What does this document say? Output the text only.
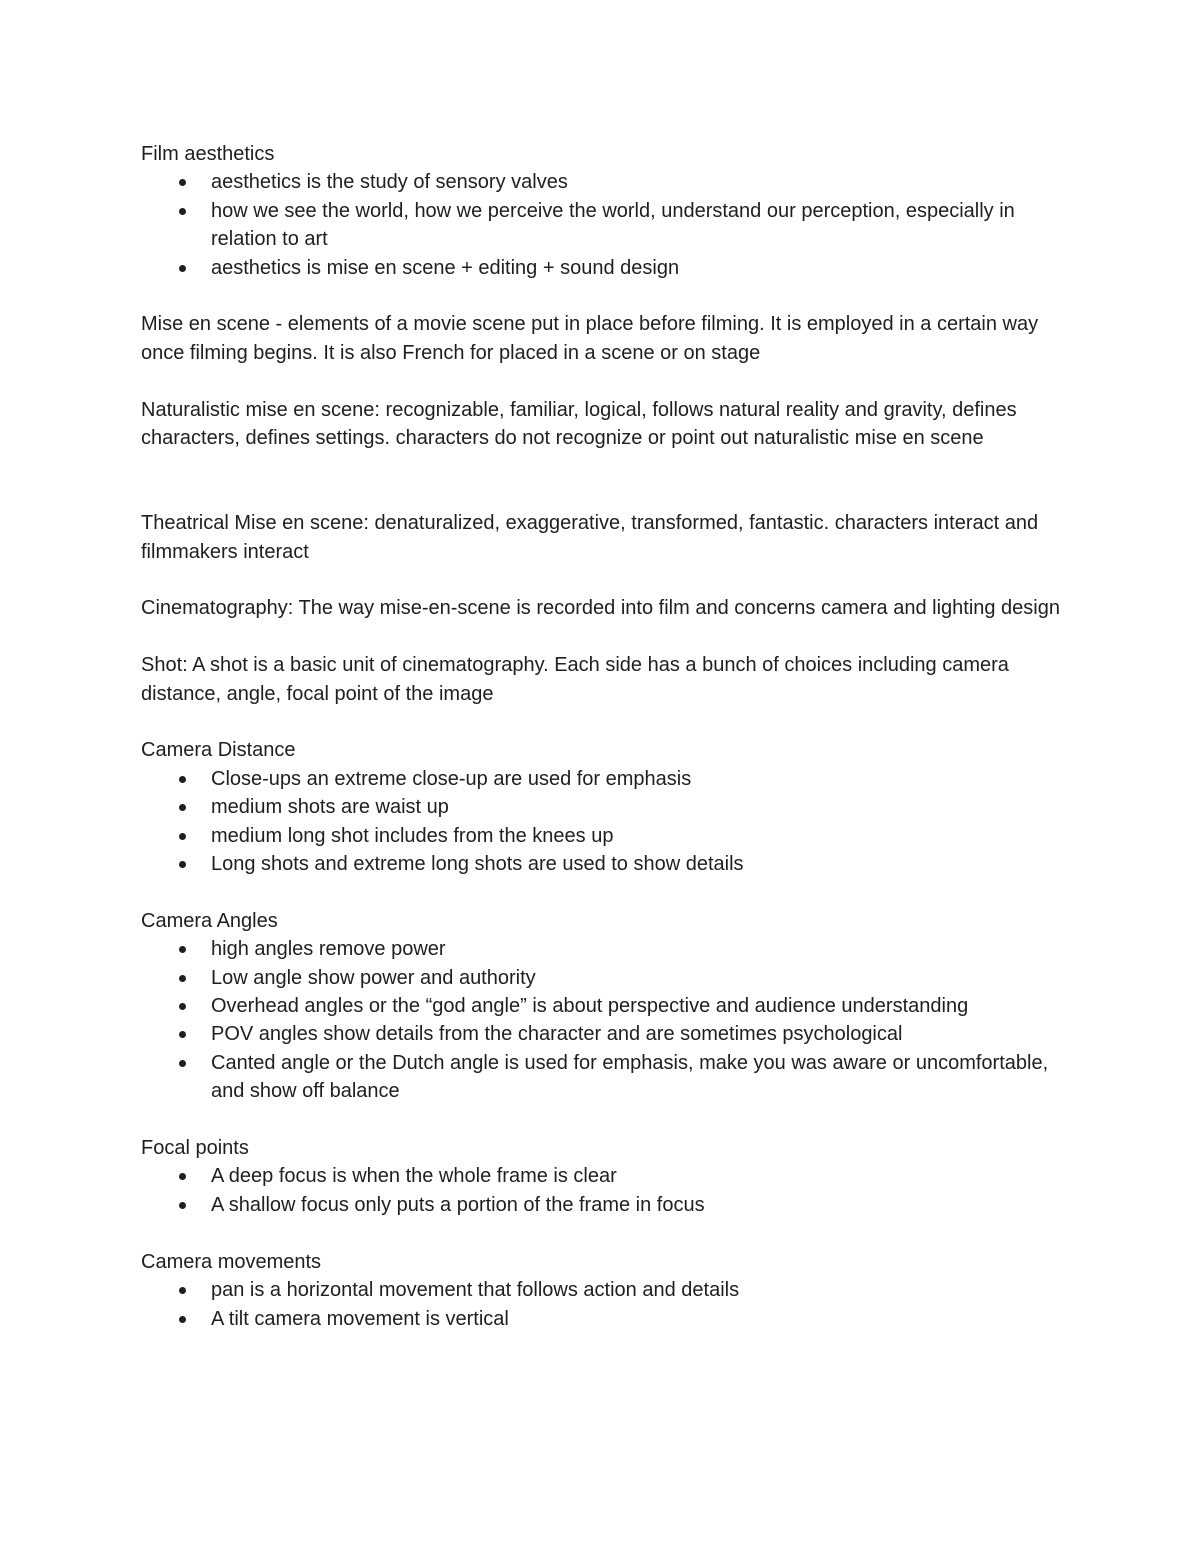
Film aesthetics

aesthetics is the study of sensory valves
how we see the world, how we perceive the world, understand our perception, especially in relation to art
aesthetics is mise en scene + editing + sound design

Mise en scene - elements of a movie scene put in place before filming. It is employed in a certain way once filming begins. It is also French for placed in a scene or on stage

Naturalistic mise en scene: recognizable, familiar, logical, follows natural reality and gravity, defines characters, defines settings. characters do not recognize or point out naturalistic mise en scene

Theatrical Mise en scene: denaturalized, exaggerative, transformed, fantastic. characters interact and filmmakers interact

Cinematography: The way mise-en-scene is recorded into film and concerns camera and lighting design

Shot: A shot is a basic unit of cinematography. Each side has a bunch of choices including camera distance, angle, focal point of the image

Camera Distance

Close-ups an extreme close-up are used for emphasis
medium shots are waist up
medium long shot includes from the knees up
Long shots and extreme long shots are used to show details

Camera Angles

high angles remove power
Low angle show power and authority
Overhead angles or the “god angle” is about perspective and audience understanding
POV angles show details from the character and are sometimes psychological
Canted angle or the Dutch angle is used for emphasis, make you was aware or uncomfortable, and show off balance

Focal points

A deep focus is when the whole frame is clear
A shallow focus only puts a portion of the frame in focus

Camera movements

pan is a horizontal movement that follows action and details
A tilt camera movement is vertical
